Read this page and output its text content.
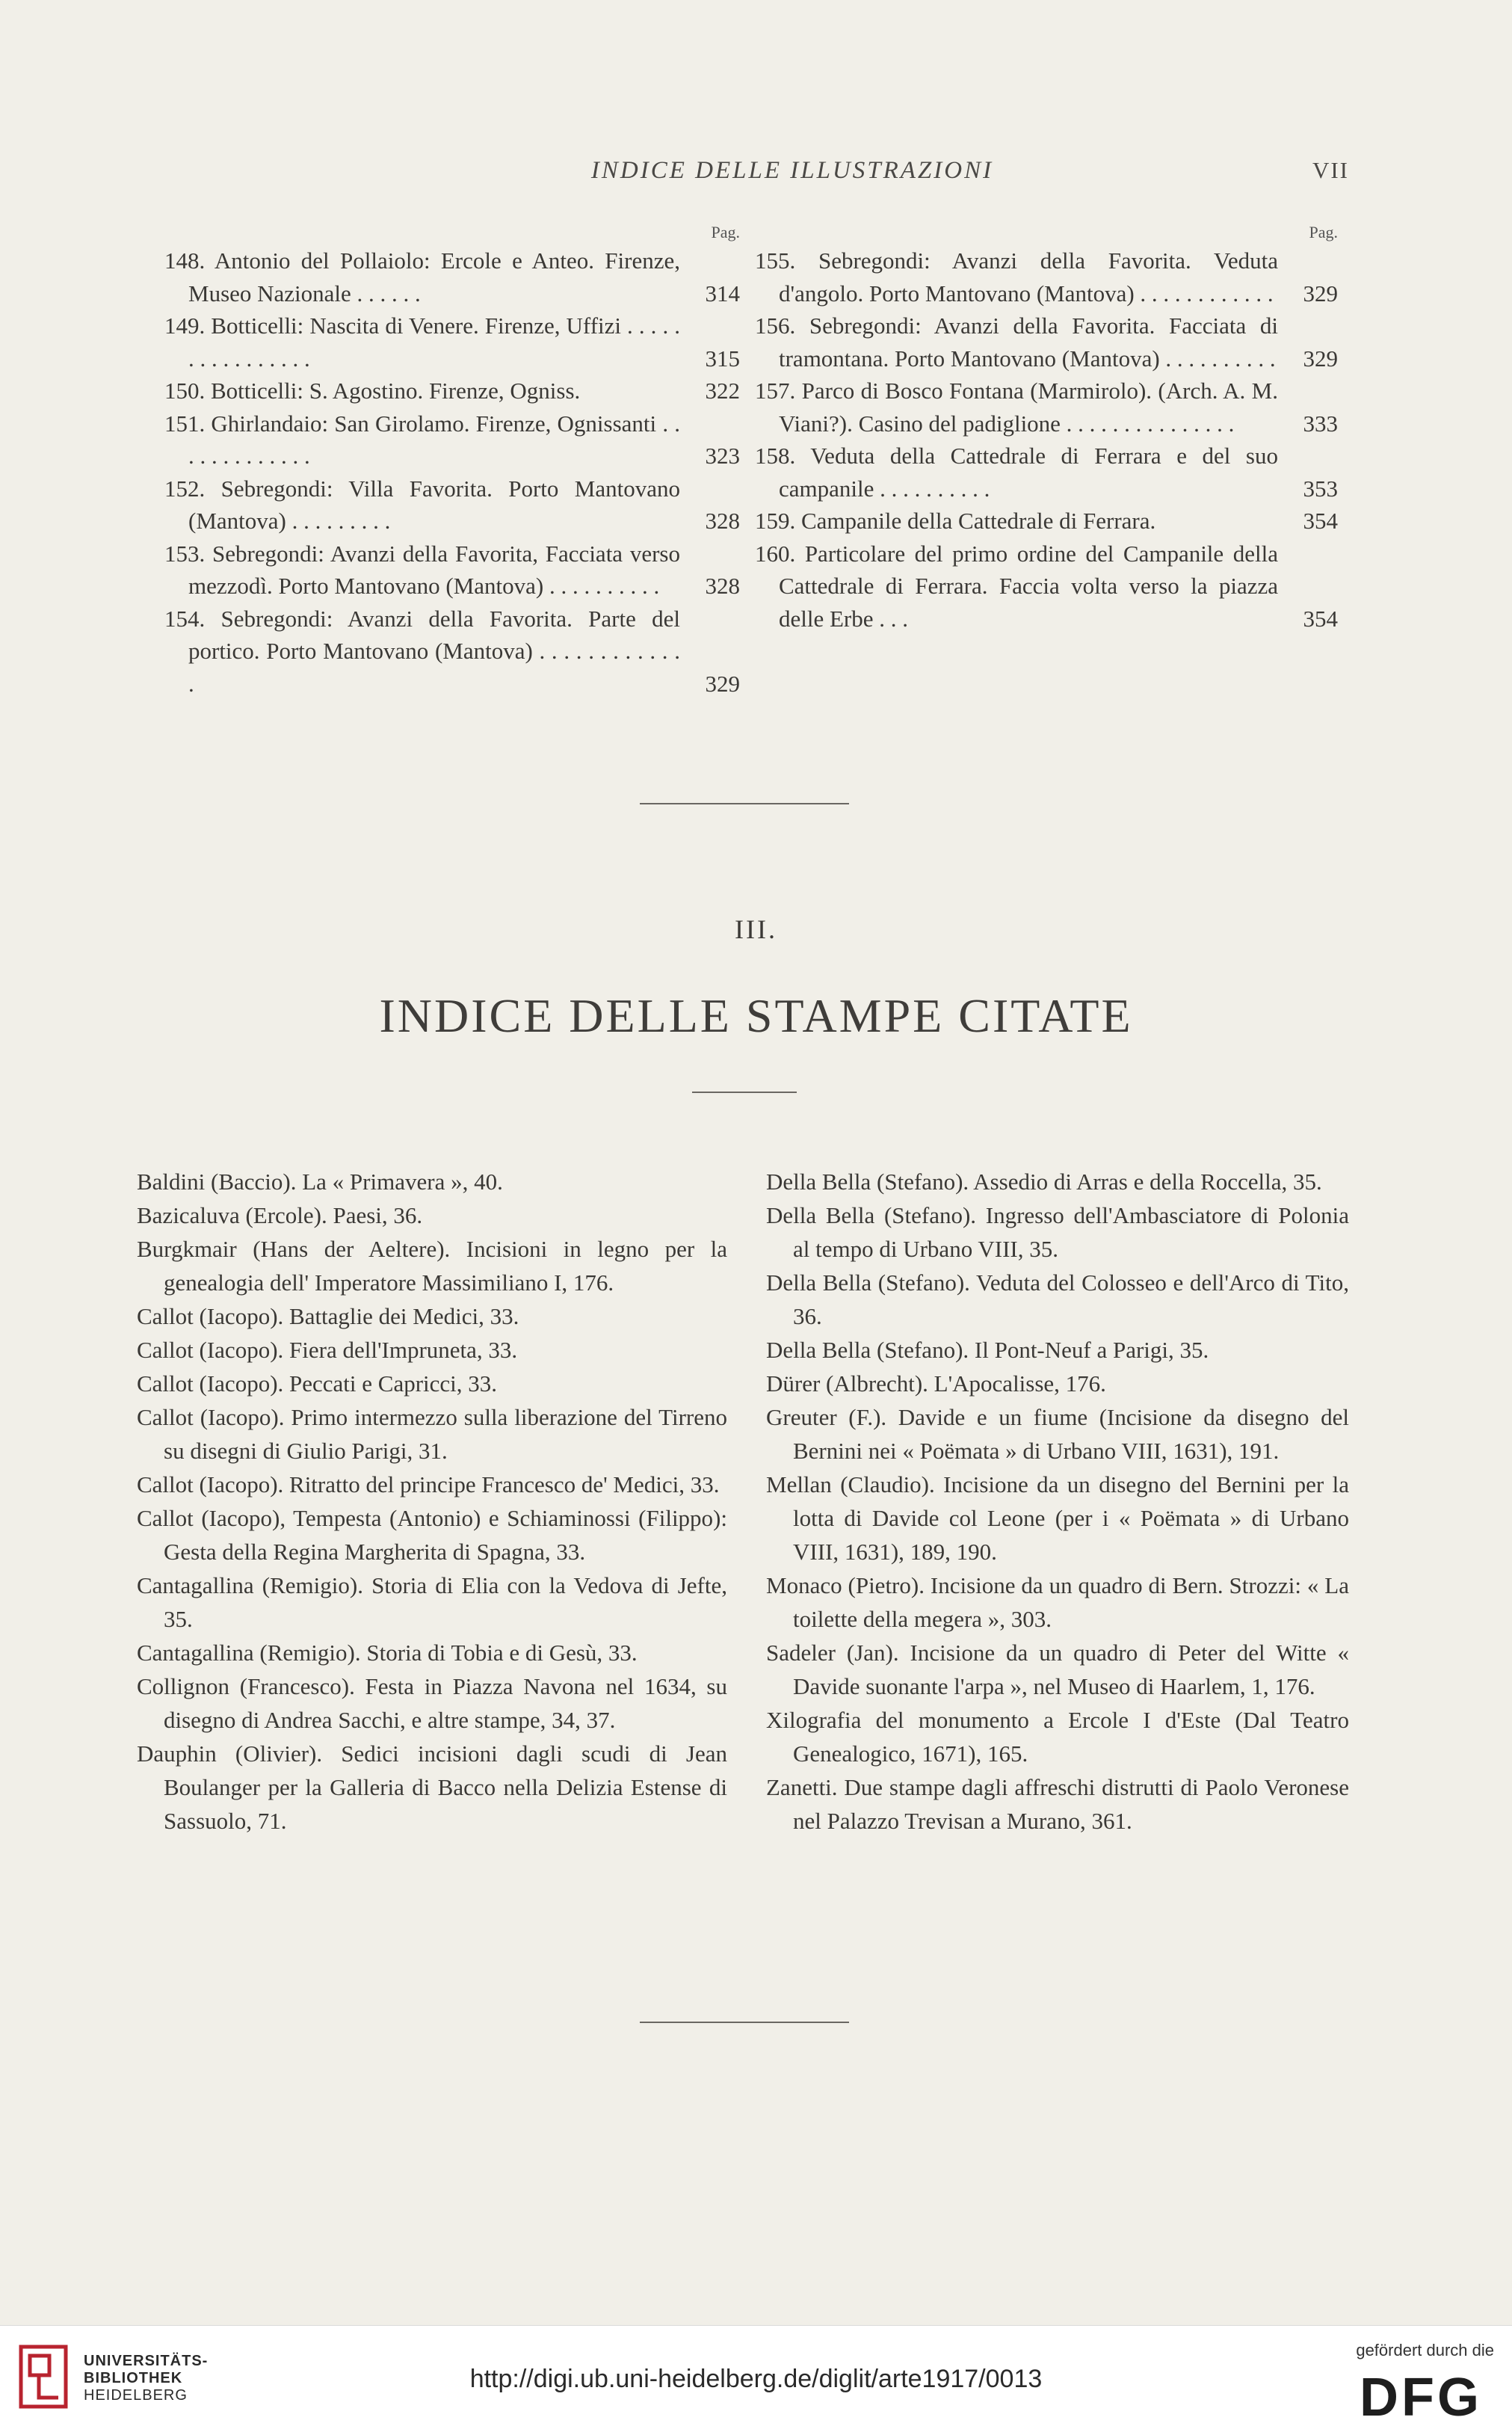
INDICE DELLE ILLUSTRAZIONI	VII
Pag.
148. Antonio del Pollaiolo: Ercole e Anteo. Firenze, Museo Nazionale . . . . . .	314
149. Botticelli: Nascita di Venere. Firenze, Uffizi . . . . . . . . . . . . . . . .	315
150. Botticelli: S. Agostino. Firenze, Ogniss.	322
151. Ghirlandaio: San Girolamo. Firenze, Ognissanti . . . . . . . . . . . . .	323
152. Sebregondi: Villa Favorita. Porto Mantovano (Mantova) . . . . . . . . .	328
153. Sebregondi: Avanzi della Favorita, Facciata verso mezzodì. Porto Mantovano (Mantova) . . . . . . . . . .	328
154. Sebregondi: Avanzi della Favorita. Parte del portico. Porto Mantovano (Mantova) . . . . . . . . . . . . .	329
Pag.
155. Sebregondi: Avanzi della Favorita. Veduta d'angolo. Porto Mantovano (Mantova) . . . . . . . . . . . .	329
156. Sebregondi: Avanzi della Favorita. Facciata di tramontana. Porto Mantovano (Mantova) . . . . . . . . . .	329
157. Parco di Bosco Fontana (Marmirolo). (Arch. A. M. Viani?). Casino del padiglione . . . . . . . . . . . . . . .	333
158. Veduta della Cattedrale di Ferrara e del suo campanile . . . . . . . . . .	353
159. Campanile della Cattedrale di Ferrara.	354
160. Particolare del primo ordine del Campanile della Cattedrale di Ferrara. Faccia volta verso la piazza delle Erbe . . .	354
III.
INDICE DELLE STAMPE CITATE
Baldini (Baccio). La « Primavera », 40.
Bazicaluva (Ercole). Paesi, 36.
Burgkmair (Hans der Aeltere). Incisioni in legno per la genealogia dell' Imperatore Massimiliano I, 176.
Callot (Iacopo). Battaglie dei Medici, 33.
Callot (Iacopo). Fiera dell'Impruneta, 33.
Callot (Iacopo). Peccati e Capricci, 33.
Callot (Iacopo). Primo intermezzo sulla liberazione del Tirreno su disegni di Giulio Parigi, 31.
Callot (Iacopo). Ritratto del principe Francesco de' Medici, 33.
Callot (Iacopo), Tempesta (Antonio) e Schiaminossi (Filippo): Gesta della Regina Margherita di Spagna, 33.
Cantagallina (Remigio). Storia di Elia con la Vedova di Jefte, 35.
Cantagallina (Remigio). Storia di Tobia e di Gesù, 33.
Collignon (Francesco). Festa in Piazza Navona nel 1634, su disegno di Andrea Sacchi, e altre stampe, 34, 37.
Dauphin (Olivier). Sedici incisioni dagli scudi di Jean Boulanger per la Galleria di Bacco nella Delizia Estense di Sassuolo, 71.
Della Bella (Stefano). Assedio di Arras e della Roccella, 35.
Della Bella (Stefano). Ingresso dell'Ambasciatore di Polonia al tempo di Urbano VIII, 35.
Della Bella (Stefano). Veduta del Colosseo e dell'Arco di Tito, 36.
Della Bella (Stefano). Il Pont-Neuf a Parigi, 35.
Dürer (Albrecht). L'Apocalisse, 176.
Greuter (F.). Davide e un fiume (Incisione da disegno del Bernini nei « Poëmata » di Urbano VIII, 1631), 191.
Mellan (Claudio). Incisione da un disegno del Bernini per la lotta di Davide col Leone (per i « Poëmata » di Urbano VIII, 1631), 189, 190.
Monaco (Pietro). Incisione da un quadro di Bern. Strozzi: « La toilette della megera », 303.
Sadeler (Jan). Incisione da un quadro di Peter del Witte « Davide suonante l'arpa », nel Museo di Haarlem, 1, 176.
Xilografia del monumento a Ercole I d'Este (Dal Teatro Genealogico, 1671), 165.
Zanetti. Due stampe dagli affreschi distrutti di Paolo Veronese nel Palazzo Trevisan a Murano, 361.
UNIVERSITÄTS-
BIBLIOTHEK
HEIDELBERG
http://digi.ub.uni-heidelberg.de/diglit/arte1917/0013
gefördert durch die
DFG
